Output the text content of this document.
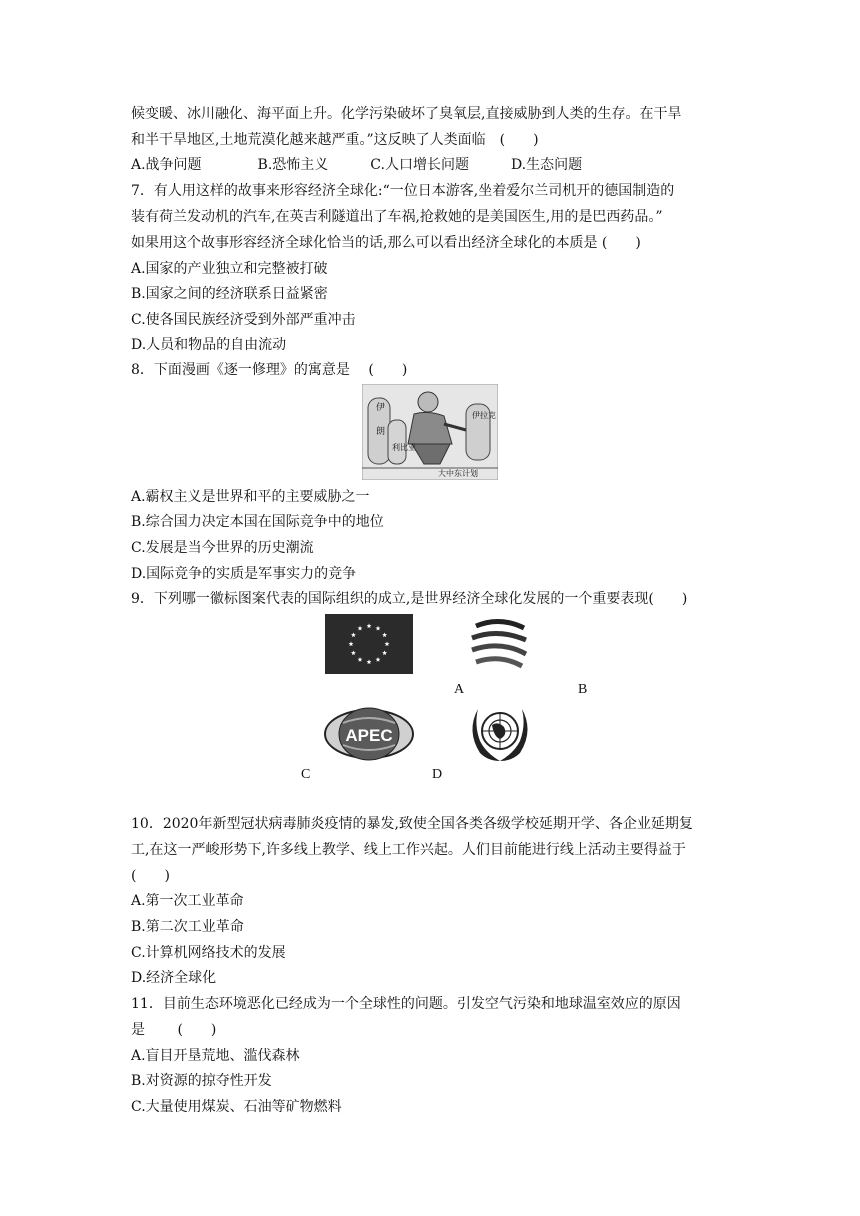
候变暖、冰川融化、海平面上升。化学污染破坏了臭氧层,直接威胁到人类的生存。在干旱
和半干旱地区,土地荒漠化越来越严重。”这反映了人类面临　(　　)
A.战争问题　　　　B.恐怖主义　　　C.人口增长问题　　　D.生态问题
7．有人用这样的故事来形容经济全球化:“一位日本游客,坐着爱尔兰司机开的德国制造的
装有荷兰发动机的汽车,在英吉利隧道出了车祸,抢救她的是美国医生,用的是巴西药品。”
如果用这个故事形容经济全球化恰当的话,那么可以看出经济全球化的本质是 (　　)
A.国家的产业独立和完整被打破
B.国家之间的经济联系日益紧密
C.使各国民族经济受到外部严重冲击
D.人员和物品的自由流动
8．下面漫画《逐一修理》的寓意是　 (　　)
伊
朗
伊拉克
利比亚
大中东计划
A.霸权主义是世界和平的主要威胁之一
B.综合国力决定本国在国际竞争中的地位
C.发展是当今世界的历史潮流
D.国际竞争的实质是军事实力的竞争
9．下列哪一徽标图案代表的国际组织的成立,是世界经济全球化发展的一个重要表现(　　)
A	B
APEC
C	D
10．2020年新型冠状病毒肺炎疫情的暴发,致使全国各类各级学校延期开学、各企业延期复
工,在这一严峻形势下,许多线上教学、线上工作兴起。人们目前能进行线上活动主要得益于
(　　)
A.第一次工业革命
B.第二次工业革命
C.计算机网络技术的发展
D.经济全球化
11．目前生态环境恶化已经成为一个全球性的问题。引发空气污染和地球温室效应的原因
是　　 (　　)
A.盲目开垦荒地、滥伐森林
B.对资源的掠夺性开发
C.大量使用煤炭、石油等矿物燃料
